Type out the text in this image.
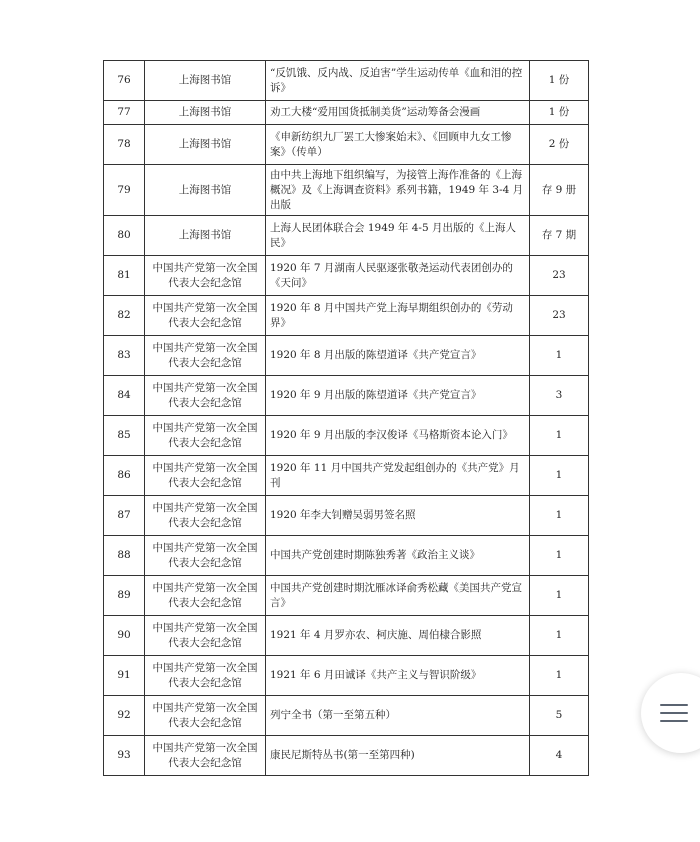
76	上海图书馆	“反饥饿、反内战、反迫害”学生运动传单《血和泪的控诉》	1 份
77	上海图书馆	劝工大楼“爱用国货抵制美货”运动筹备会漫画	1 份
78	上海图书馆	《申新纺织九厂罢工大惨案始末》、《回顾申九女工惨案》（传单）	2 份
79	上海图书馆	由中共上海地下组织编写，为接管上海作准备的《上海概况》及《上海调查资料》系列书籍，1949 年 3-4 月出版	存 9 册
80	上海图书馆	上海人民团体联合会 1949 年 4-5 月出版的《上海人民》	存 7 期
81	中国共产党第一次全国代表大会纪念馆	1920 年 7 月湖南人民驱逐张敬尧运动代表团创办的《天问》	23
82	中国共产党第一次全国代表大会纪念馆	1920 年 8 月中国共产党上海早期组织创办的《劳动界》	23
83	中国共产党第一次全国代表大会纪念馆	1920 年 8 月出版的陈望道译《共产党宣言》	1
84	中国共产党第一次全国代表大会纪念馆	1920 年 9 月出版的陈望道译《共产党宣言》	3
85	中国共产党第一次全国代表大会纪念馆	1920 年 9 月出版的李汉俊译《马格斯资本论入门》	1
86	中国共产党第一次全国代表大会纪念馆	1920 年 11 月中国共产党发起组创办的《共产党》月刊	1
87	中国共产党第一次全国代表大会纪念馆	1920 年李大钊赠吴弱男签名照	1
88	中国共产党第一次全国代表大会纪念馆	中国共产党创建时期陈独秀著《政治主义谈》	1
89	中国共产党第一次全国代表大会纪念馆	中国共产党创建时期沈雁冰译俞秀松藏《美国共产党宣言》	1
90	中国共产党第一次全国代表大会纪念馆	1921 年 4 月罗亦农、柯庆施、周伯棣合影照	1
91	中国共产党第一次全国代表大会纪念馆	1921 年 6 月田诚译《共产主义与智识阶级》	1
92	中国共产党第一次全国代表大会纪念馆	列宁全书（第一至第五种）	5
93	中国共产党第一次全国代表大会纪念馆	康民尼斯特丛书(第一至第四种)	4
